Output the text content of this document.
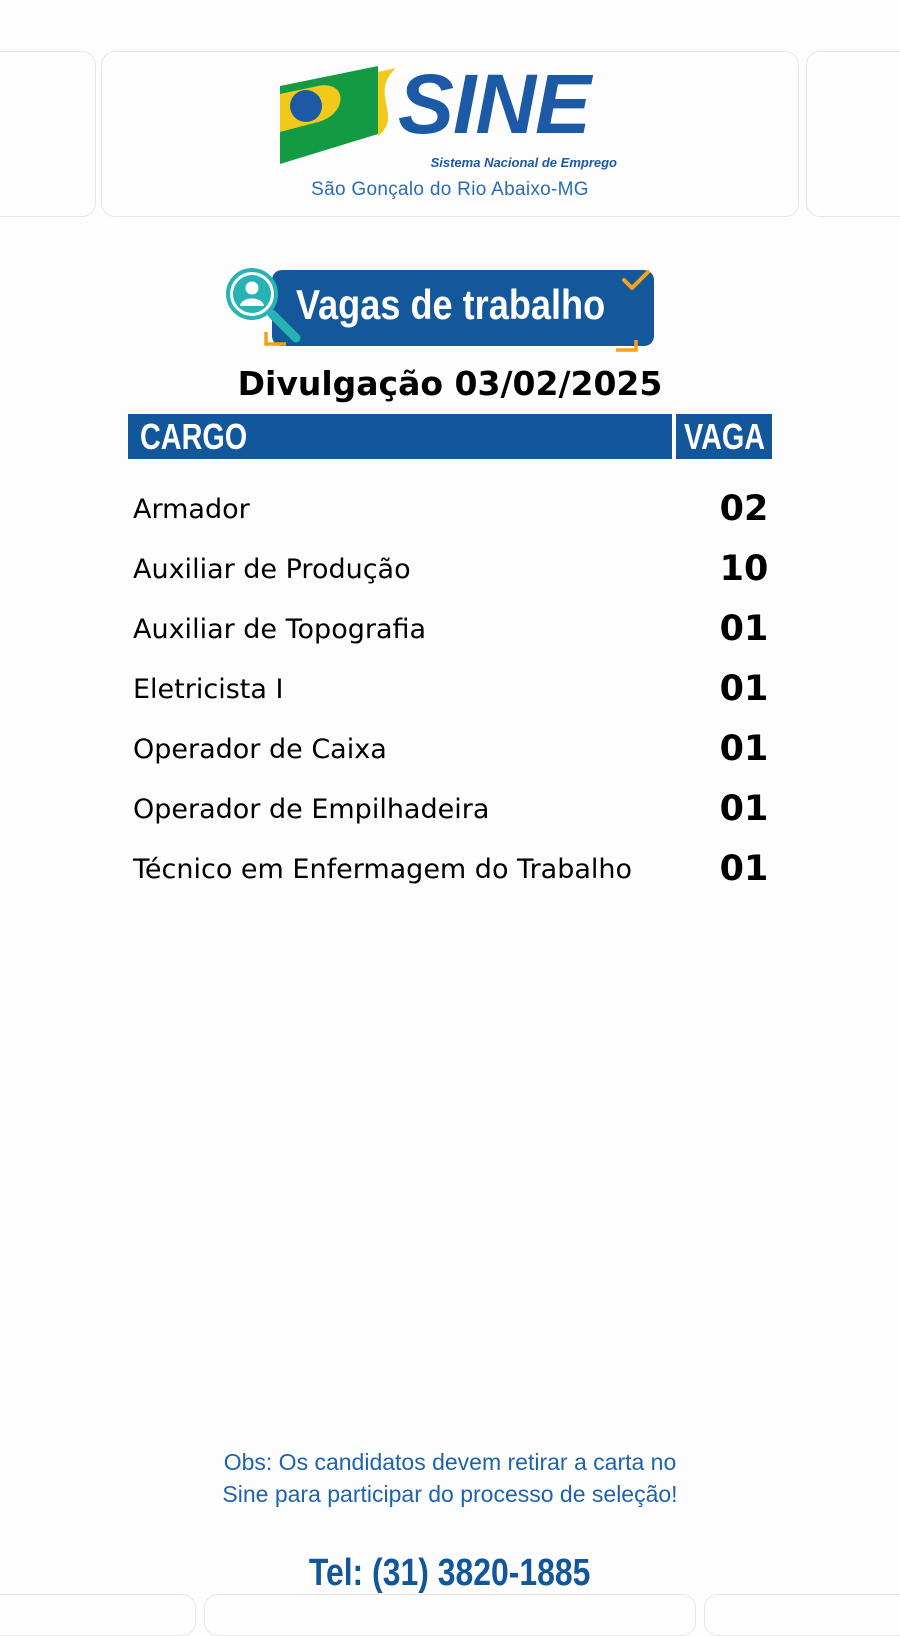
SINE
Sistema Nacional de Emprego
São Gonçalo do Rio Abaixo-MG
Vagas de trabalho
Divulgação 03/02/2025
CARGO	VAGA
Armador	02
Auxiliar de Produção	10
Auxiliar de Topografia	01
Eletricista I	01
Operador de Caixa	01
Operador de Empilhadeira	01
Técnico em Enfermagem do Trabalho	01
Obs: Os candidatos devem retirar a carta no
Sine para participar do processo de seleção!
Tel: (31) 3820-1885
